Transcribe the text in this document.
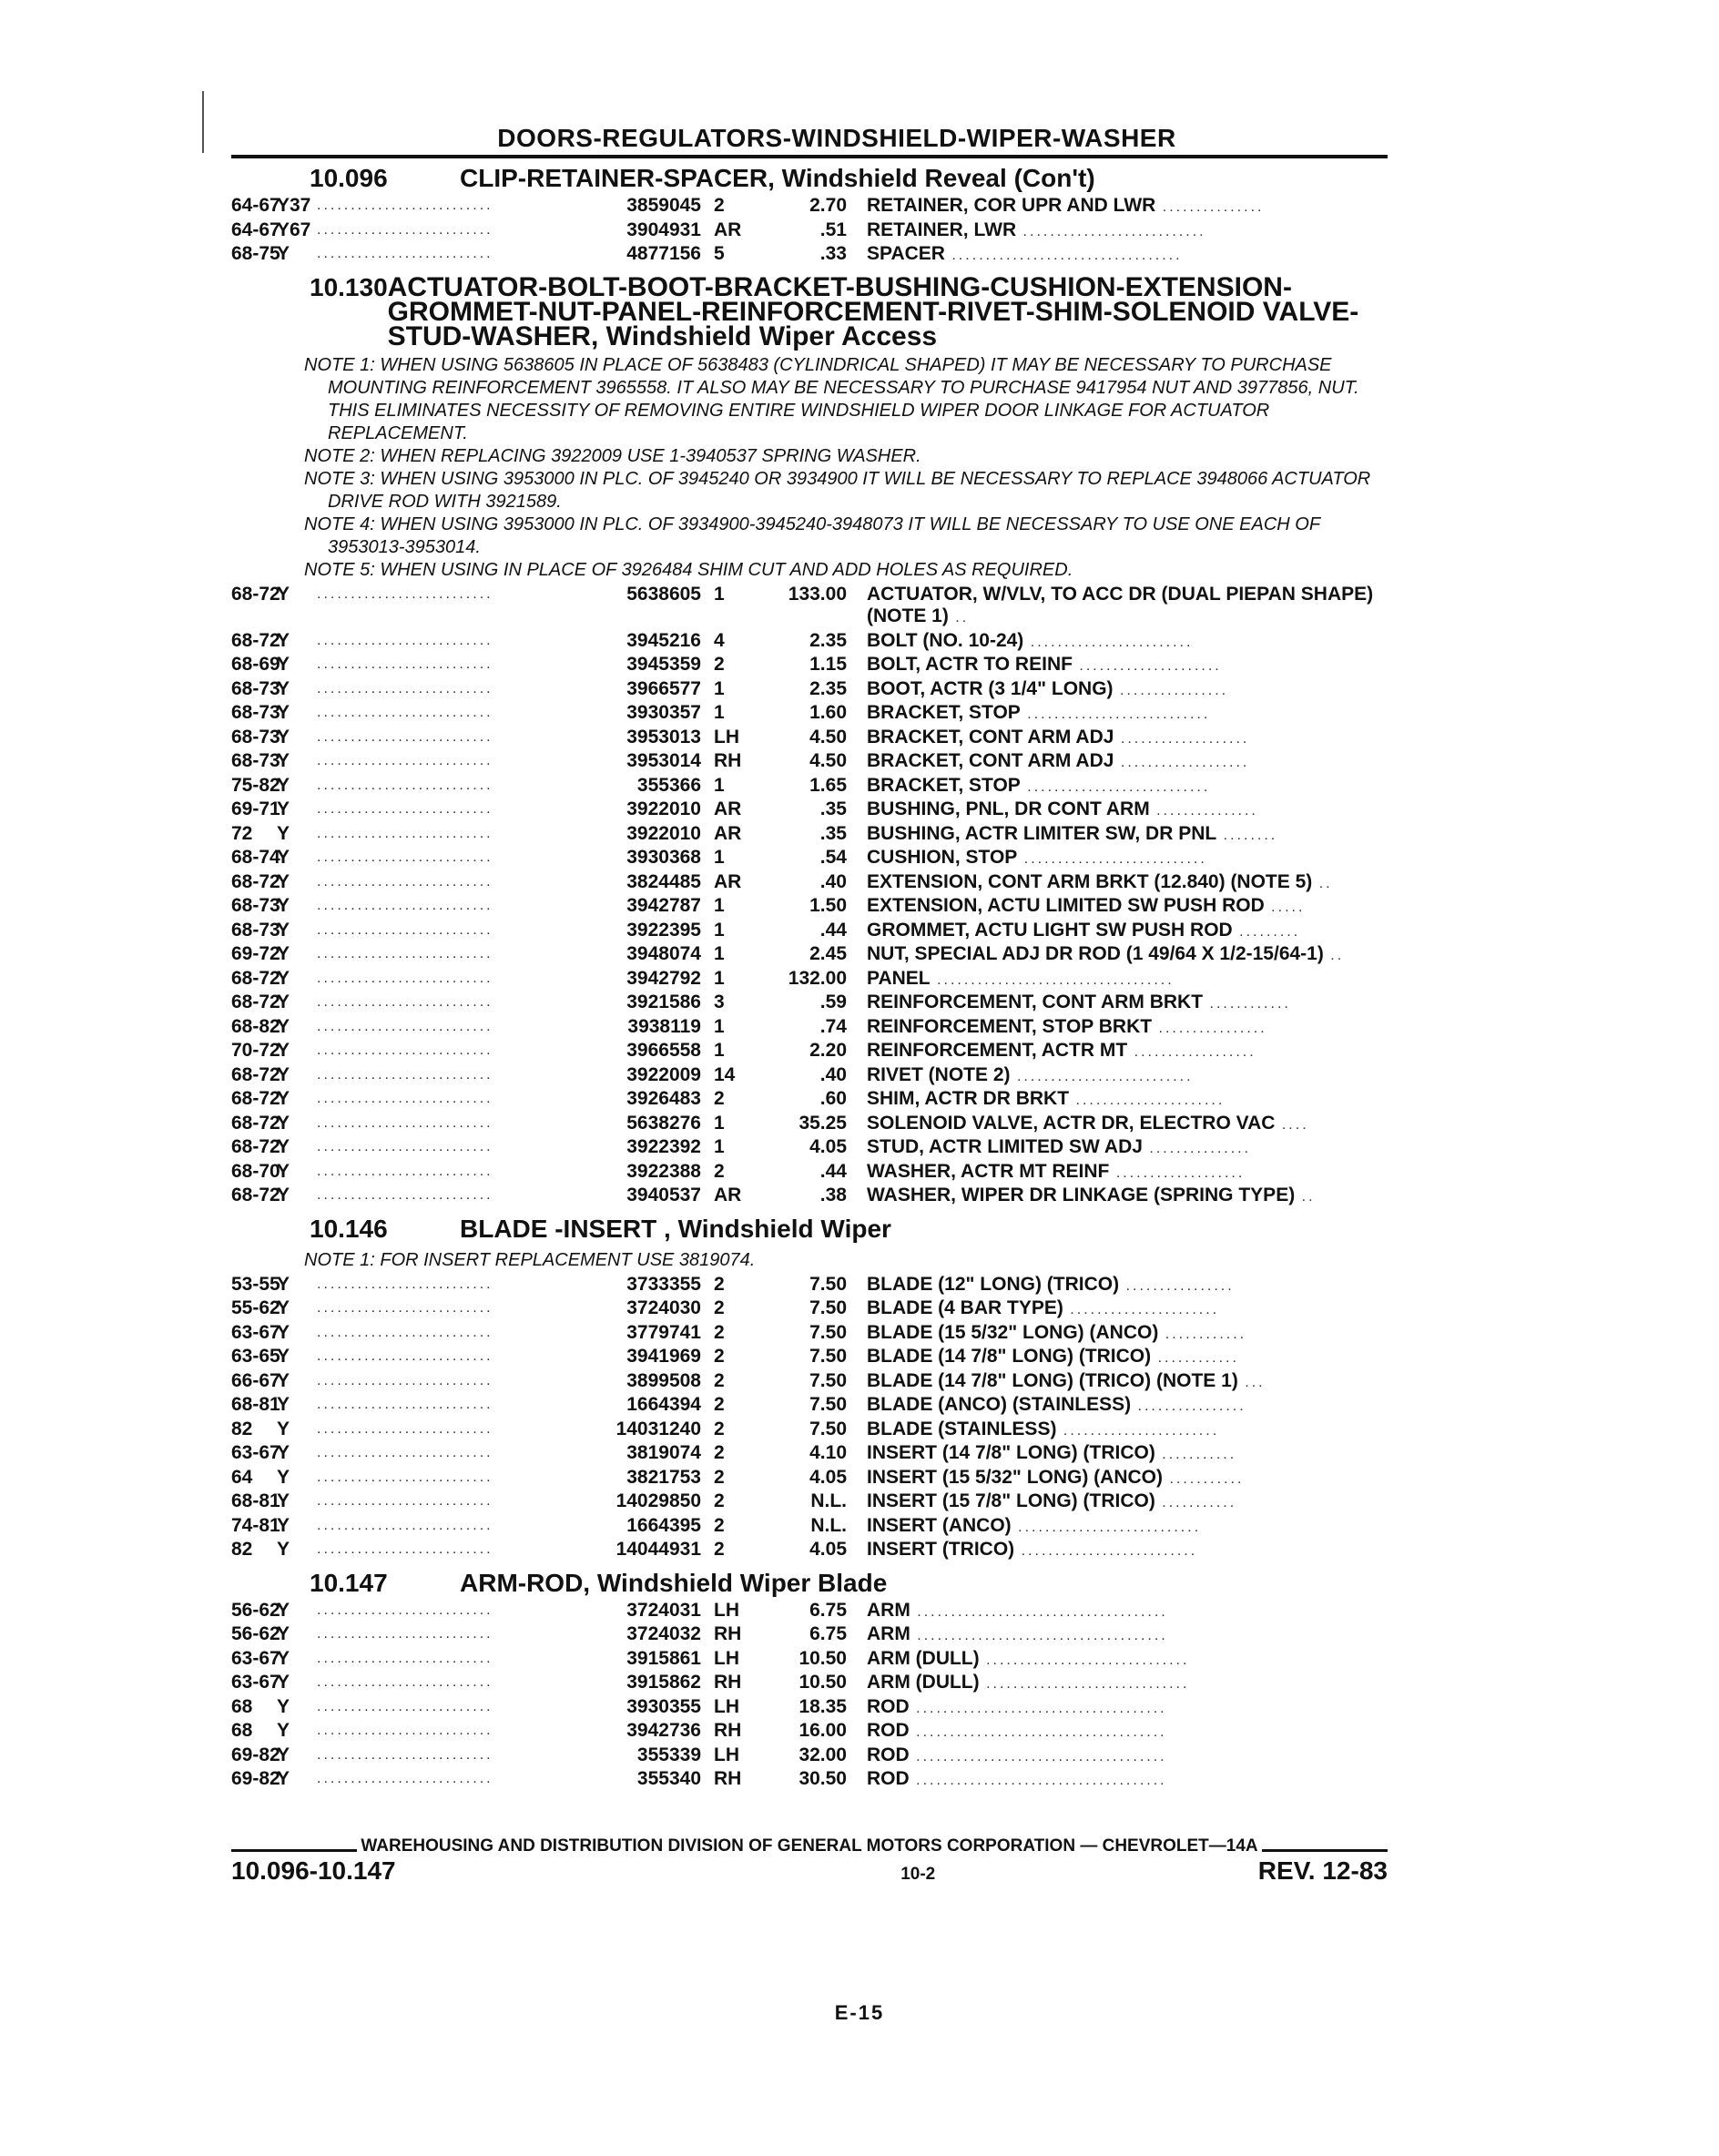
DOORS-REGULATORS-WINDSHIELD-WIPER-WASHER
10.096	CLIP-RETAINER-SPACER, Windshield Reveal (Con't)
64-67	Y37	..........................	3859045	2	2.70	RETAINER, COR UPR AND LWR ...............
64-67	Y67	..........................	3904931	AR	.51	RETAINER, LWR ...........................
68-75	Y	..........................	4877156	5	.33	SPACER ..................................
10.130 ACTUATOR-BOLT-BOOT-BRACKET-BUSHING-CUSHION-EXTENSION-GROMMET-NUT-PANEL-REINFORCEMENT-RIVET-SHIM-SOLENOID VALVE-STUD-WASHER, Windshield Wiper Access
NOTE 1: WHEN USING 5638605 IN PLACE OF 5638483 (CYLINDRICAL SHAPED) IT MAY BE NECESSARY TO PURCHASE MOUNTING REINFORCEMENT 3965558. IT ALSO MAY BE NECESSARY TO PURCHASE 9417954 NUT AND 3977856, NUT. THIS ELIMINATES NECESSITY OF REMOVING ENTIRE WINDSHIELD WIPER DOOR LINKAGE FOR ACTUATOR REPLACEMENT.
NOTE 2: WHEN REPLACING 3922009 USE 1-3940537 SPRING WASHER.
NOTE 3: WHEN USING 3953000 IN PLC. OF 3945240 OR 3934900 IT WILL BE NECESSARY TO REPLACE 3948066 ACTUATOR DRIVE ROD WITH 3921589.
NOTE 4: WHEN USING 3953000 IN PLC. OF 3934900-3945240-3948073 IT WILL BE NECESSARY TO USE ONE EACH OF 3953013-3953014.
NOTE 5: WHEN USING IN PLACE OF 3926484 SHIM CUT AND ADD HOLES AS REQUIRED.
68-72	Y	..........................	5638605	1	133.00	ACTUATOR, W/VLV, TO ACC DR (DUAL PIEPAN SHAPE) (NOTE 1) ..
68-72	Y	..........................	3945216	4	2.35	BOLT (NO. 10-24) ........................
68-69	Y	..........................	3945359	2	1.15	BOLT, ACTR TO REINF .....................
68-73	Y	..........................	3966577	1	2.35	BOOT, ACTR (3 1/4" LONG) ................
68-73	Y	..........................	3930357	1	1.60	BRACKET, STOP ...........................
68-73	Y	..........................	3953013	LH	4.50	BRACKET, CONT ARM ADJ ...................
68-73	Y	..........................	3953014	RH	4.50	BRACKET, CONT ARM ADJ ...................
75-82	Y	..........................	355366	1	1.65	BRACKET, STOP ...........................
69-71	Y	..........................	3922010	AR	.35	BUSHING, PNL, DR CONT ARM ...............
72	Y	..........................	3922010	AR	.35	BUSHING, ACTR LIMITER SW, DR PNL ........
68-74	Y	..........................	3930368	1	.54	CUSHION, STOP ...........................
68-72	Y	..........................	3824485	AR	.40	EXTENSION, CONT ARM BRKT (12.840) (NOTE 5) ..
68-73	Y	..........................	3942787	1	1.50	EXTENSION, ACTU LIMITED SW PUSH ROD .....
68-73	Y	..........................	3922395	1	.44	GROMMET, ACTU LIGHT SW PUSH ROD .........
69-72	Y	..........................	3948074	1	2.45	NUT, SPECIAL ADJ DR ROD (1 49/64 X 1/2-15/64-1) ..
68-72	Y	..........................	3942792	1	132.00	PANEL ...................................
68-72	Y	..........................	3921586	3	.59	REINFORCEMENT, CONT ARM BRKT ............
68-82	Y	..........................	3938119	1	.74	REINFORCEMENT, STOP BRKT ................
70-72	Y	..........................	3966558	1	2.20	REINFORCEMENT, ACTR MT ..................
68-72	Y	..........................	3922009	14	.40	RIVET (NOTE 2) ..........................
68-72	Y	..........................	3926483	2	.60	SHIM, ACTR DR BRKT ......................
68-72	Y	..........................	5638276	1	35.25	SOLENOID VALVE, ACTR DR, ELECTRO VAC ....
68-72	Y	..........................	3922392	1	4.05	STUD, ACTR LIMITED SW ADJ ...............
68-70	Y	..........................	3922388	2	.44	WASHER, ACTR MT REINF ...................
68-72	Y	..........................	3940537	AR	.38	WASHER, WIPER DR LINKAGE (SPRING TYPE) ..
10.146	BLADE -INSERT , Windshield Wiper
NOTE 1: FOR INSERT REPLACEMENT USE 3819074.
53-55	Y	..........................	3733355	2	7.50	BLADE (12" LONG) (TRICO) ................
55-62	Y	..........................	3724030	2	7.50	BLADE (4 BAR TYPE) ......................
63-67	Y	..........................	3779741	2	7.50	BLADE (15 5/32" LONG) (ANCO) ............
63-65	Y	..........................	3941969	2	7.50	BLADE (14 7/8" LONG) (TRICO) ............
66-67	Y	..........................	3899508	2	7.50	BLADE (14 7/8" LONG) (TRICO) (NOTE 1) ...
68-81	Y	..........................	1664394	2	7.50	BLADE (ANCO) (STAINLESS) ................
82	Y	..........................	14031240	2	7.50	BLADE (STAINLESS) .......................
63-67	Y	..........................	3819074	2	4.10	INSERT (14 7/8" LONG) (TRICO) ...........
64	Y	..........................	3821753	2	4.05	INSERT (15 5/32" LONG) (ANCO) ...........
68-81	Y	..........................	14029850	2	N.L.	INSERT (15 7/8" LONG) (TRICO) ...........
74-81	Y	..........................	1664395	2	N.L.	INSERT (ANCO) ...........................
82	Y	..........................	14044931	2	4.05	INSERT (TRICO) ..........................
10.147	ARM-ROD, Windshield Wiper Blade
56-62	Y	..........................	3724031	LH	6.75	ARM .....................................
56-62	Y	..........................	3724032	RH	6.75	ARM .....................................
63-67	Y	..........................	3915861	LH	10.50	ARM (DULL) ..............................
63-67	Y	..........................	3915862	RH	10.50	ARM (DULL) ..............................
68	Y	..........................	3930355	LH	18.35	ROD .....................................
68	Y	..........................	3942736	RH	16.00	ROD .....................................
69-82	Y	..........................	355339	LH	32.00	ROD .....................................
69-82	Y	..........................	355340	RH	30.50	ROD .....................................
WAREHOUSING AND DISTRIBUTION DIVISION OF GENERAL MOTORS CORPORATION — CHEVROLET—14A
10.096-10.147	10-2	REV. 12-83
E-15
